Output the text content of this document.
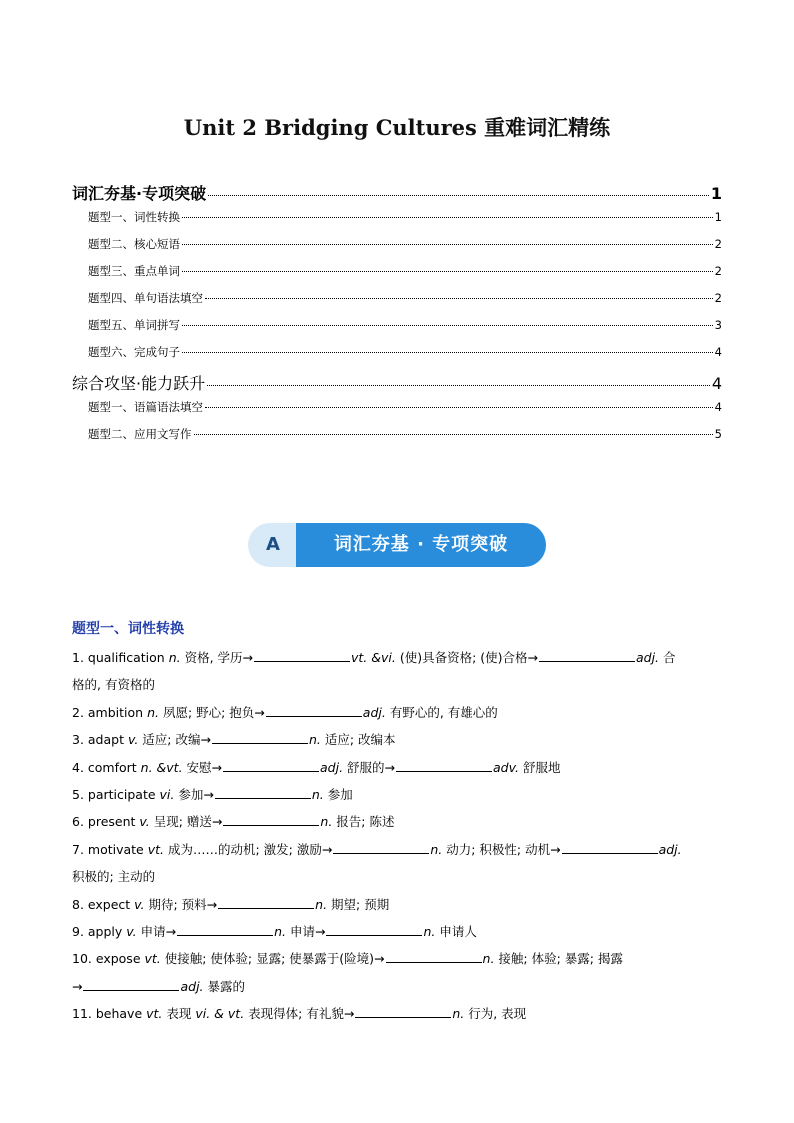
Unit 2 Bridging Cultures 重难词汇精练
词汇夯基·专项突破	1
题型一、词性转换	1
题型二、核心短语	2
题型三、重点单词	2
题型四、单句语法填空	2
题型五、单词拼写	3
题型六、完成句子	4
综合攻坚·能力跃升	4
题型一、语篇语法填空	4
题型二、应用文写作	5
A	词汇夯基 · 专项突破
题型一、词性转换
1. qualification n. 资格, 学历→	vt. &vi. (使)具备资格; (使)合格→	adj. 合
格的, 有资格的
2. ambition n. 夙愿; 野心; 抱负→	adj. 有野心的, 有雄心的
3. adapt v. 适应; 改编→	n. 适应; 改编本
4. comfort n. &vt. 安慰→	adj. 舒服的→	adv. 舒服地
5. participate vi. 参加→	n. 参加
6. present v. 呈现; 赠送→	n. 报告; 陈述
7. motivate vt. 成为……的动机; 激发; 激励→	n. 动力; 积极性; 动机→	adj.
积极的; 主动的
8. expect v. 期待; 预料→	n. 期望; 预期
9. apply v. 申请→	n. 申请→	n. 申请人
10. expose vt. 使接触; 使体验; 显露; 使暴露于(险境)→	n. 接触; 体验; 暴露; 揭露
→	adj. 暴露的
11. behave vt. 表现 vi. & vt. 表现得体; 有礼貌→	n. 行为, 表现
